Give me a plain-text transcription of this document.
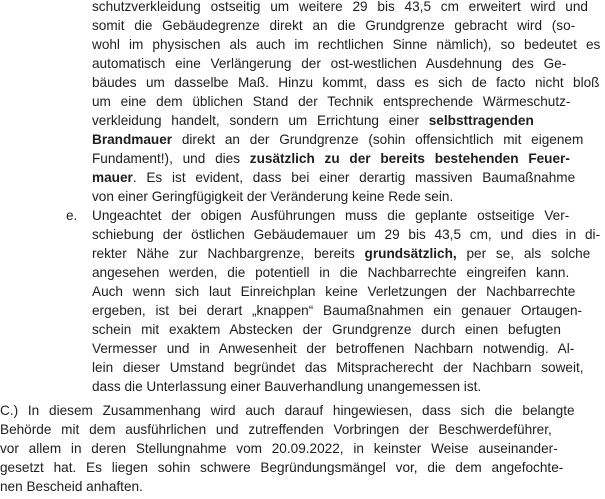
schutzverkleidung ostseitig um weitere 29 bis 43,5 cm erweitert wird und
somit die Gebäudegrenze direkt an die Grundgrenze gebracht wird (so-
wohl im physischen als auch im rechtlichen Sinne nämlich), so bedeutet es
automatisch eine Verlängerung der ost-westlichen Ausdehnung des Ge-
bäudes um dasselbe Maß. Hinzu kommt, dass es sich de facto nicht bloß
um eine dem üblichen Stand der Technik entsprechende Wärmeschutz-
verkleidung handelt, sondern um Errichtung einer selbsttragenden
Brandmauer direkt an der Grundgrenze (sohin offensichtlich mit eigenem
Fundament!), und dies zusätzlich zu der bereits bestehenden Feuer-
mauer. Es ist evident, dass bei einer derartig massiven Baumaßnahme
von einer Geringfügigkeit der Veränderung keine Rede sein.
e. Ungeachtet der obigen Ausführungen muss die geplante ostseitige Ver-
schiebung der östlichen Gebäudemauer um 29 bis 43,5 cm, und dies in di-
rekter Nähe zur Nachbargrenze, bereits grundsätzlich, per se, als solche
angesehen werden, die potentiell in die Nachbarrechte eingreifen kann.
Auch wenn sich laut Einreichplan keine Verletzungen der Nachbarrechte
ergeben, ist bei derart „knappen“ Baumaßnahmen ein genauer Ortaugen-
schein mit exaktem Abstecken der Grundgrenze durch einen befugten
Vermesser und in Anwesenheit der betroffenen Nachbarn notwendig. Al-
lein dieser Umstand begründet das Mitspracherecht der Nachbarn soweit,
dass die Unterlassung einer Bauverhandlung unangemessen ist.
C.) In diesem Zusammenhang wird auch darauf hingewiesen, dass sich die belangte
Behörde mit dem ausführlichen und zutreffenden Vorbringen der Beschwerdeführer,
vor allem in deren Stellungnahme vom 20.09.2022, in keinster Weise auseinander-
gesetzt hat. Es liegen sohin schwere Begründungsmängel vor, die dem angefochte-
nen Bescheid anhaften.
